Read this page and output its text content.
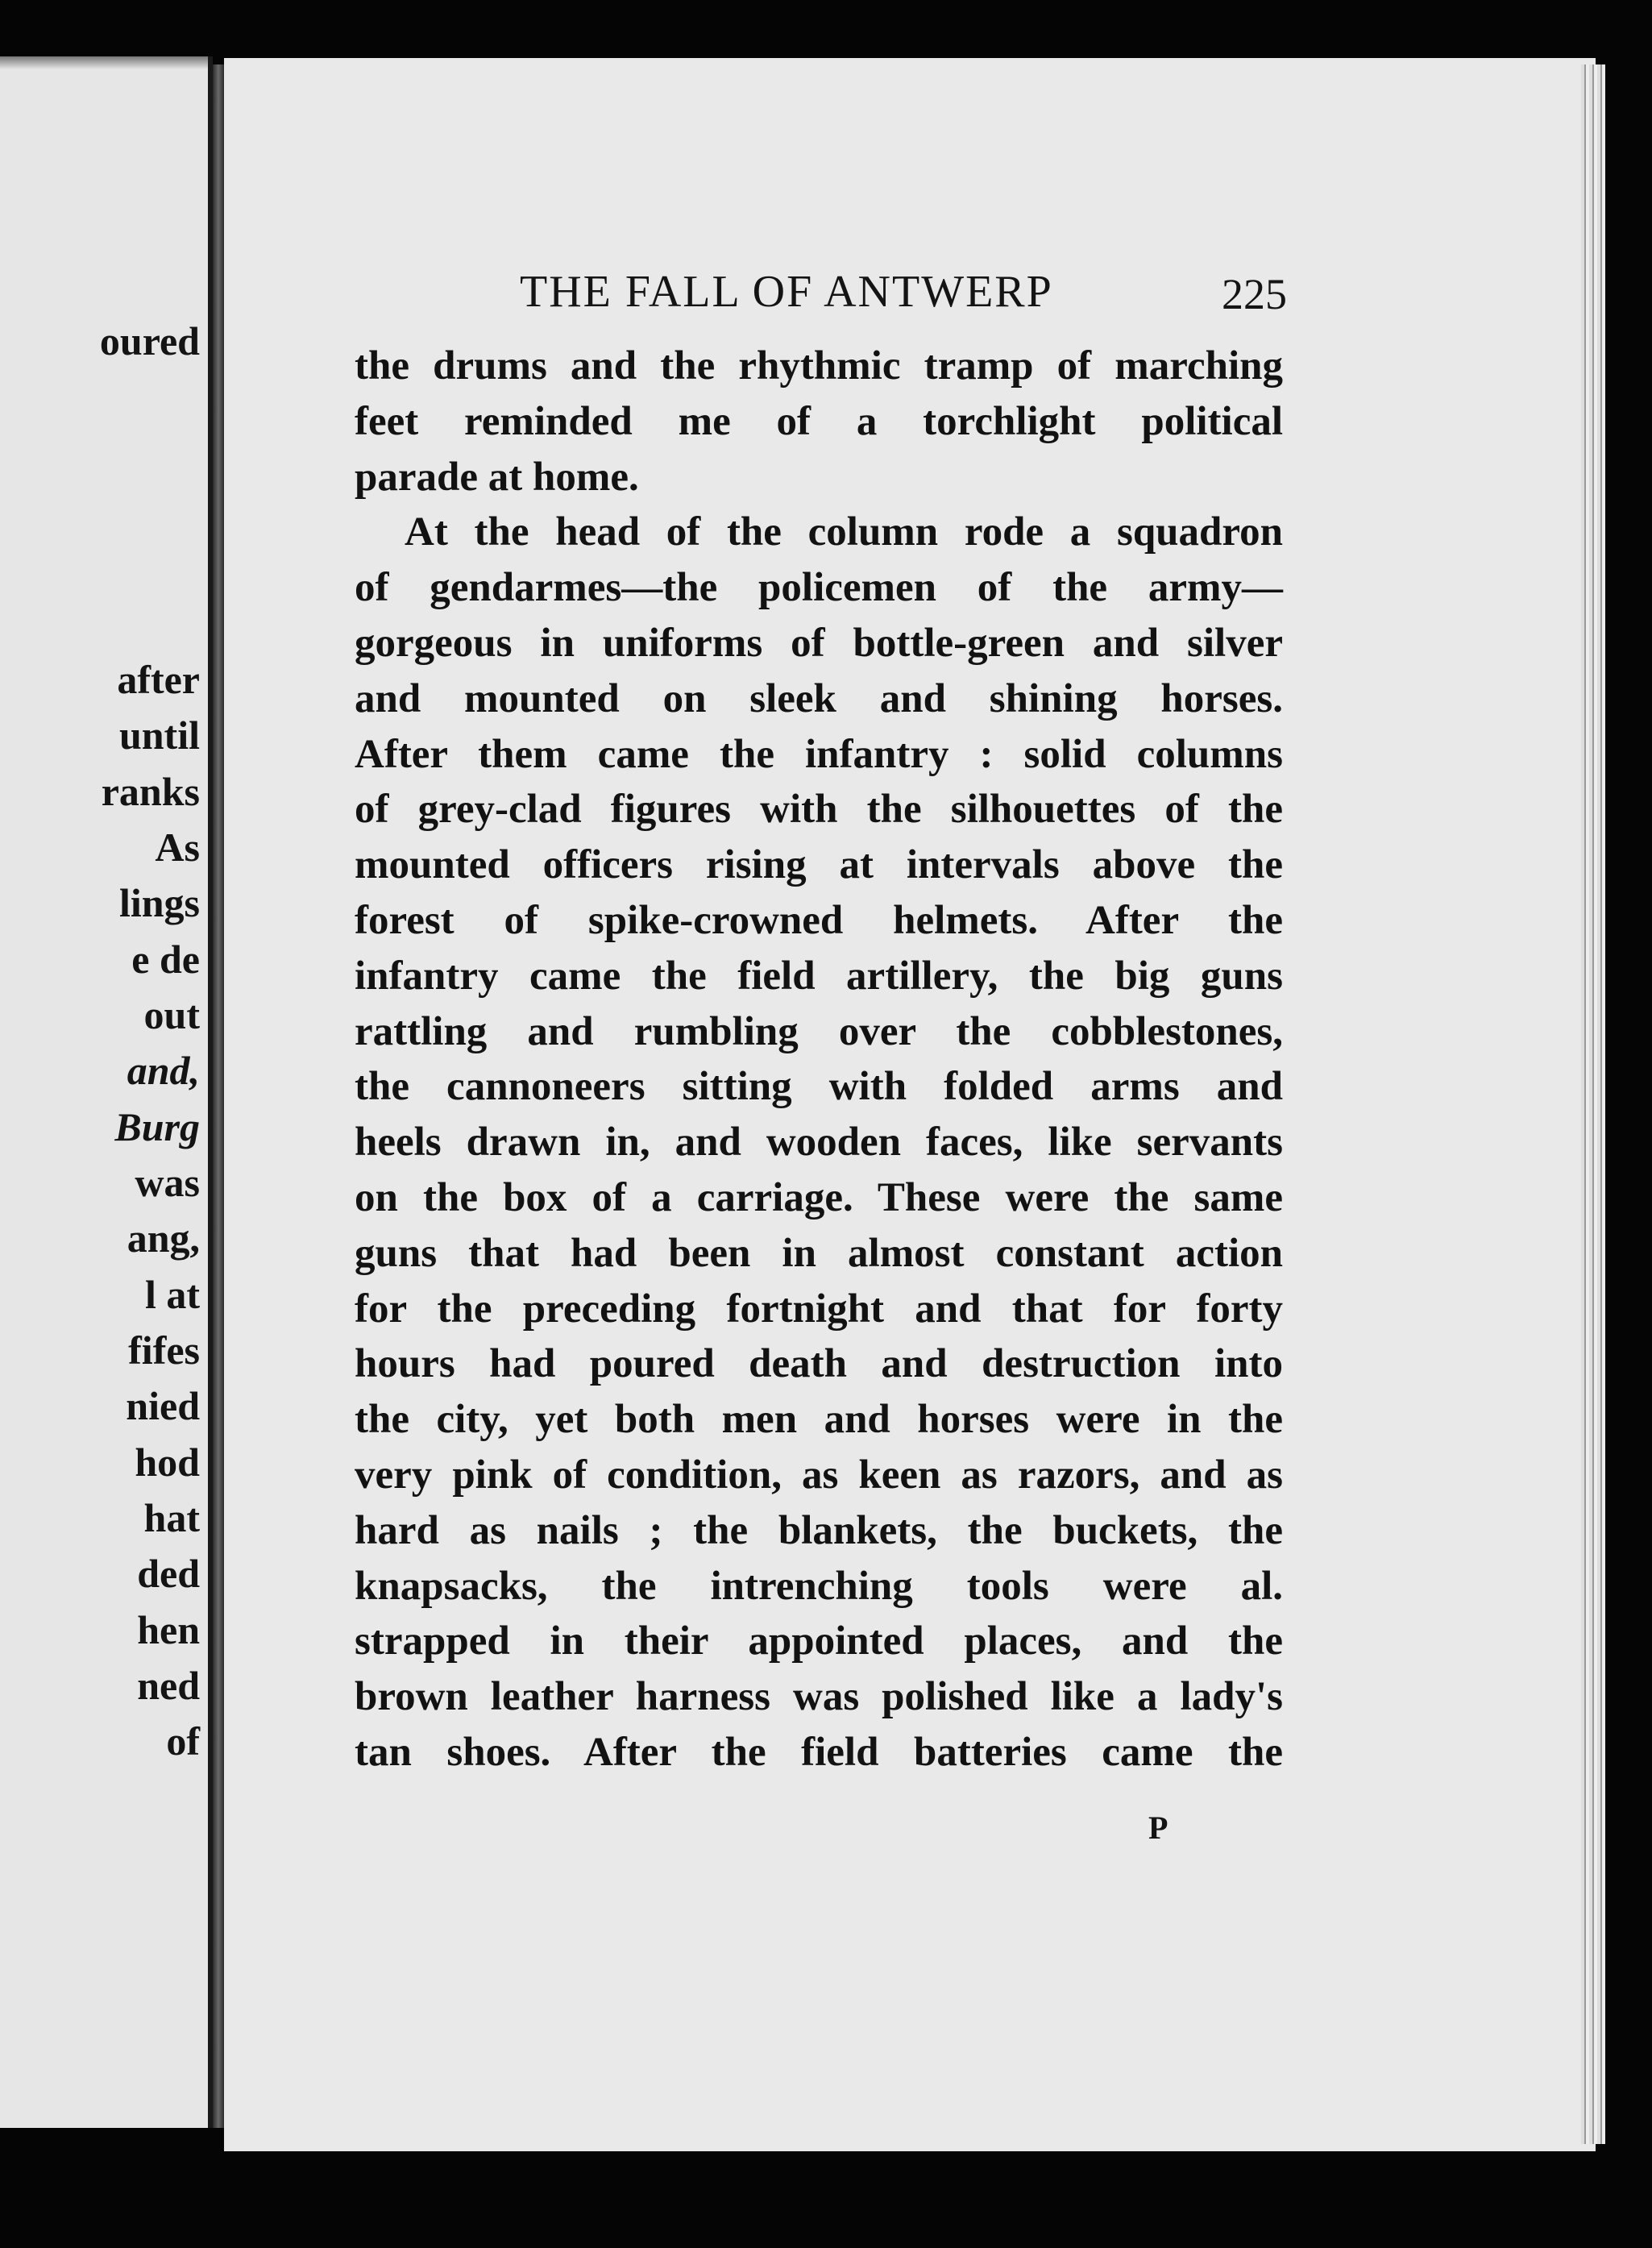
oured
after
until
ranks
As
lings
e de
out
and,
Burg
was
ang,
l at
fifes
nied
hod
hat
ded
hen
ned
of
THE FALL OF ANTWERP	225
the drums and the rhythmic tramp of marching
feet reminded me of a torchlight political
parade at home.
At the head of the column rode a squadron
of gendarmes—the policemen of the army—
gorgeous in uniforms of bottle-green and silver
and mounted on sleek and shining horses.
After them came the infantry : solid columns
of grey-clad figures with the silhouettes of the
mounted officers rising at intervals above the
forest of spike-crowned helmets. After the
infantry came the field artillery, the big guns
rattling and rumbling over the cobblestones,
the cannoneers sitting with folded arms and
heels drawn in, and wooden faces, like servants
on the box of a carriage. These were the same
guns that had been in almost constant action
for the preceding fortnight and that for forty
hours had poured death and destruction into
the city, yet both men and horses were in the
very pink of condition, as keen as razors, and as
hard as nails ; the blankets, the buckets, the
knapsacks, the intrenching tools were al.
strapped in their appointed places, and the
brown leather harness was polished like a lady's
tan shoes. After the field batteries came the
P
